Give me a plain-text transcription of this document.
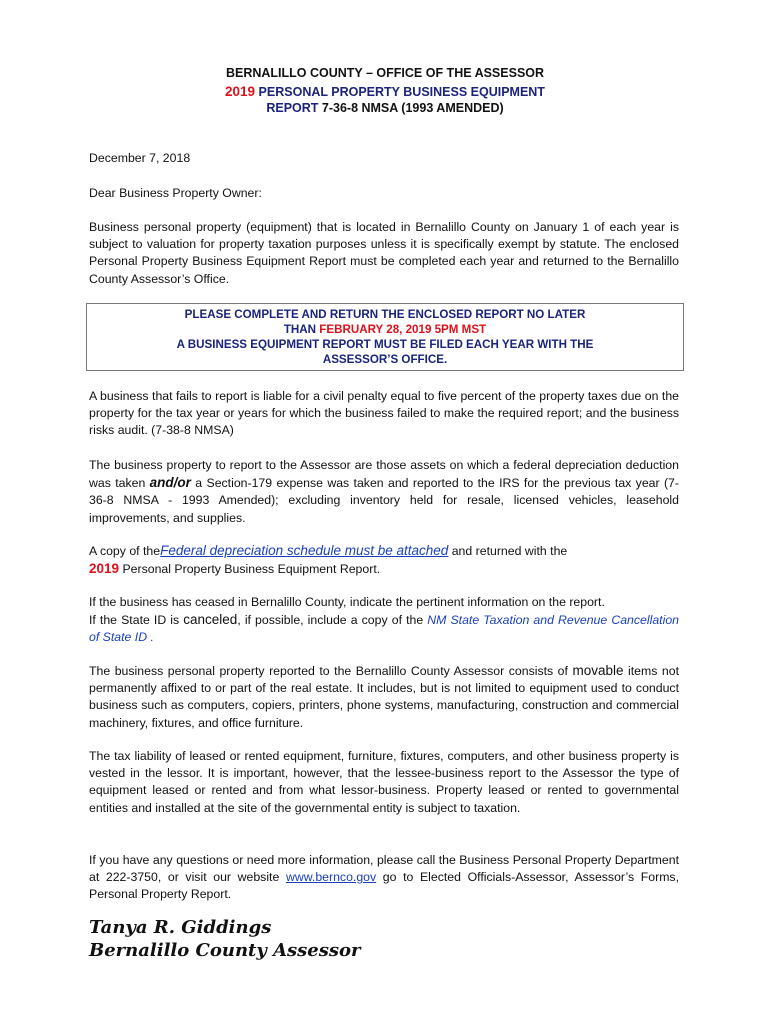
BERNALILLO COUNTY – OFFICE OF THE ASSESSOR
2019 PERSONAL PROPERTY BUSINESS EQUIPMENT
REPORT 7-36-8 NMSA (1993 AMENDED)
December 7, 2018
Dear Business Property Owner:
Business personal property (equipment) that is located in Bernalillo County on January 1 of each year is subject to valuation for property taxation purposes unless it is specifically exempt by statute. The enclosed Personal Property Business Equipment Report must be completed each year and returned to the Bernalillo County Assessor’s Office.
PLEASE COMPLETE AND RETURN THE ENCLOSED REPORT NO LATER
THAN FEBRUARY 28, 2019 5PM MST
A BUSINESS EQUIPMENT REPORT MUST BE FILED EACH YEAR WITH THE
ASSESSOR’S OFFICE.
A business that fails to report is liable for a civil penalty equal to five percent of the property taxes due on the property for the tax year or years for which the business failed to make the required report; and the business risks audit. (7-38-8 NMSA)
The business property to report to the Assessor are those assets on which a federal depreciation deduction was taken and/or a Section-179 expense was taken and reported to the IRS for the previous tax year (7-36-8 NMSA - 1993 Amended); excluding inventory held for resale, licensed vehicles, leasehold improvements, and supplies.
A copy of theFederal depreciation schedule must be attached and returned with the
2019 Personal Property Business Equipment Report.
If the business has ceased in Bernalillo County, indicate the pertinent information on the report.
If the State ID is canceled, if possible, include a copy of the NM State Taxation and Revenue Cancellation of State ID .
The business personal property reported to the Bernalillo County Assessor consists of movable items not permanently affixed to or part of the real estate. It includes, but is not limited to equipment used to conduct business such as computers, copiers, printers, phone systems, manufacturing, construction and commercial machinery, fixtures, and office furniture.
The tax liability of leased or rented equipment, furniture, fixtures, computers, and other business property is vested in the lessor. It is important, however, that the lessee-business report to the Assessor the type of equipment leased or rented and from what lessor-business. Property leased or rented to governmental entities and installed at the site of the governmental entity is subject to taxation.
If you have any questions or need more information, please call the Business Personal Property Department at 222-3750, or visit our website www.bernco.gov go to Elected Officials-Assessor, Assessor’s Forms, Personal Property Report.
Tanya R. Giddings
Bernalillo County Assessor
